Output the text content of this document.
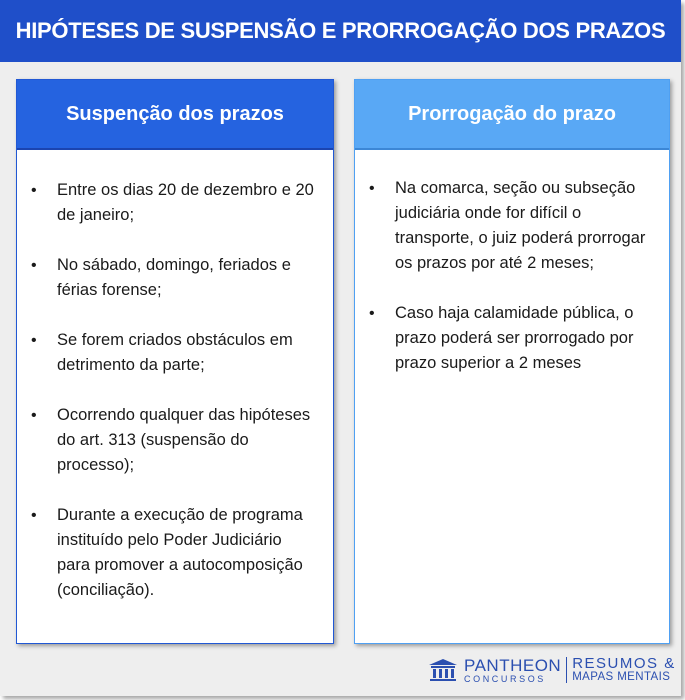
HIPÓTESES DE SUSPENSÃO E PRORROGAÇÃO DOS PRAZOS
Suspenção dos prazos
• Entre os dias 20 de dezembro e 20 de janeiro;
• No sábado, domingo, feriados e férias forense;
• Se forem criados obstáculos em detrimento da parte;
• Ocorrendo qualquer das hipóteses do art. 313 (suspensão do processo);
• Durante a execução de programa instituído pelo Poder Judiciário para promover a autocomposição (conciliação).
Prorrogação do prazo
• Na comarca, seção ou subseção judiciária onde for difícil o transporte, o juiz poderá prorrogar os prazos por até 2 meses;
• Caso haja calamidade pública, o prazo poderá ser prorrogado por prazo superior a 2 meses
PANTHEON
CONCURSOS
RESUMOS &
MAPAS MENTAIS
